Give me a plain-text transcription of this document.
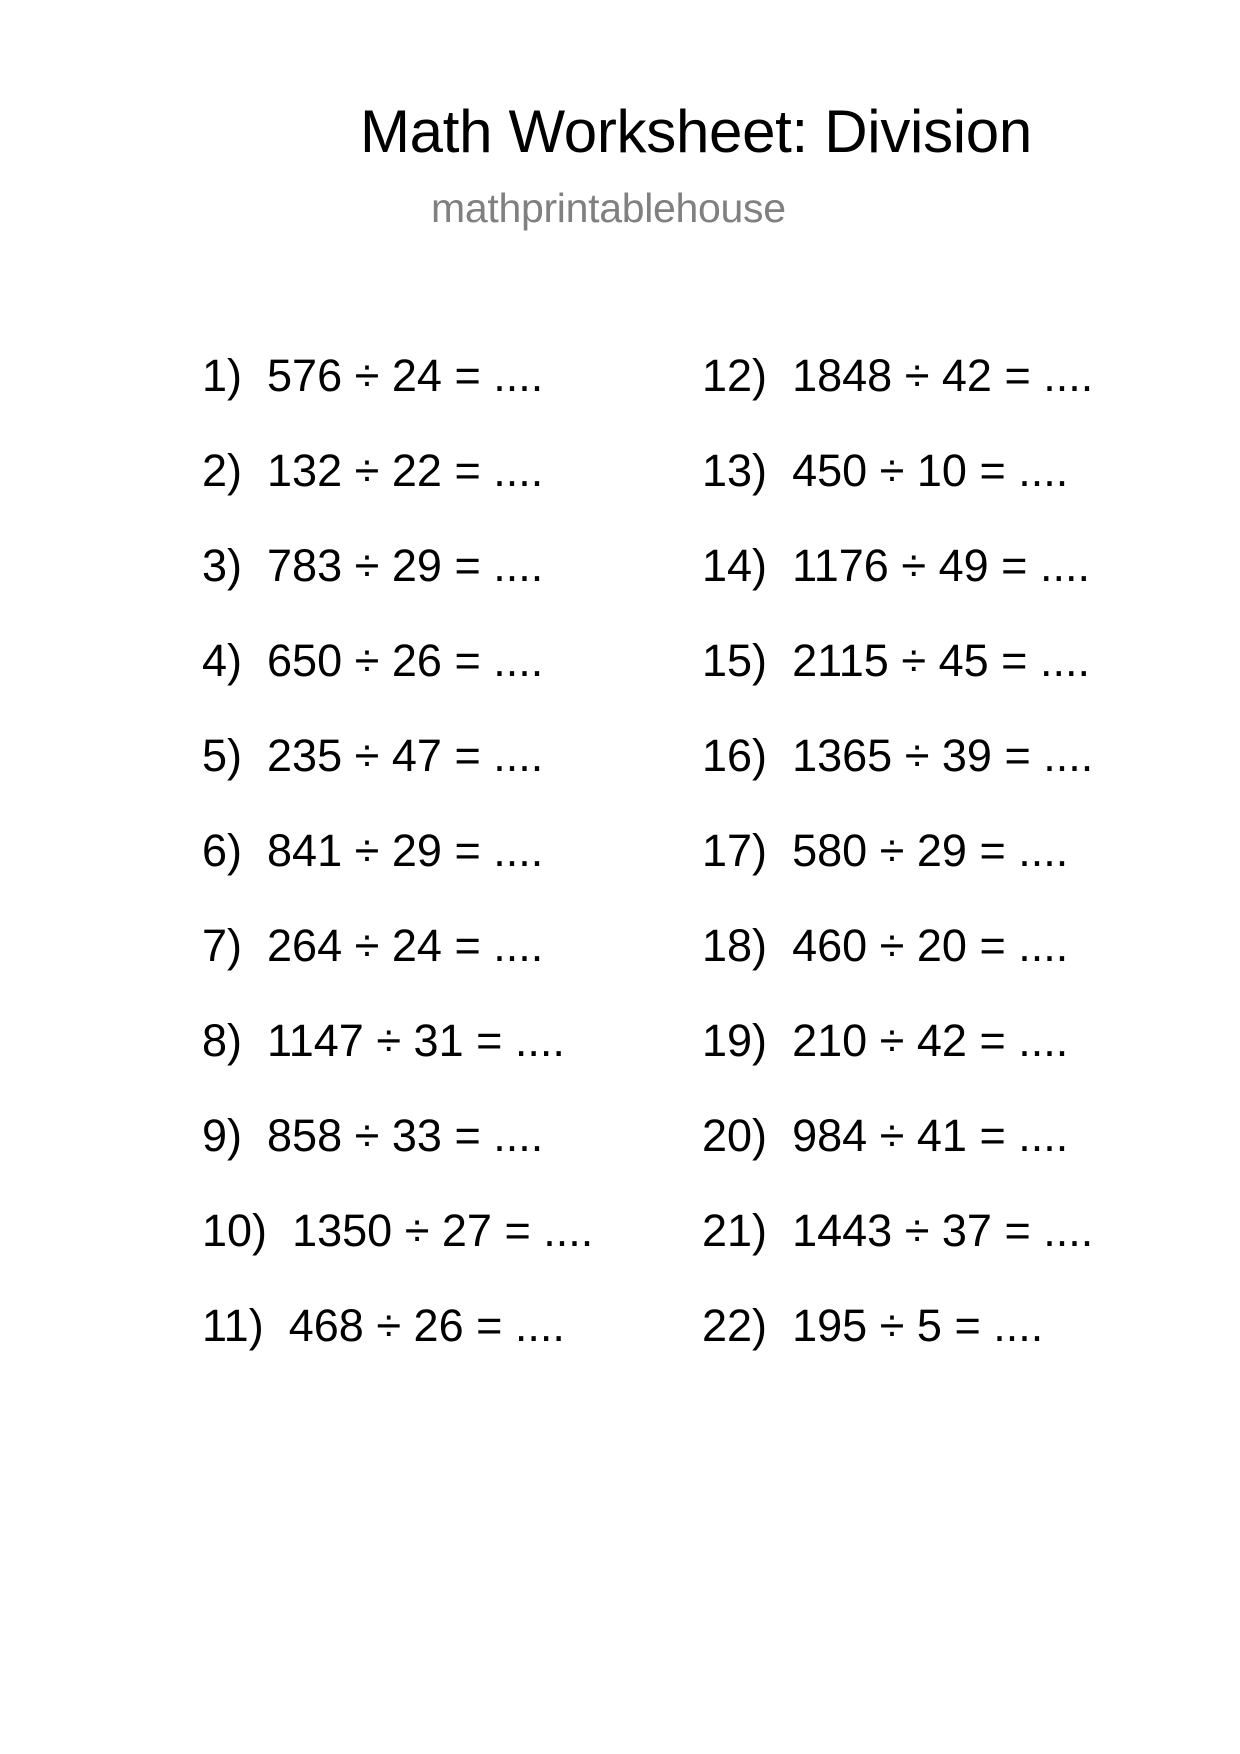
Math Worksheet: Division
mathprintablehouse
1) 576 ÷ 24 = ....
2) 132 ÷ 22 = ....
3) 783 ÷ 29 = ....
4) 650 ÷ 26 = ....
5) 235 ÷ 47 = ....
6) 841 ÷ 29 = ....
7) 264 ÷ 24 = ....
8) 1147 ÷ 31 = ....
9) 858 ÷ 33 = ....
10) 1350 ÷ 27 = ....
11) 468 ÷ 26 = ....
12) 1848 ÷ 42 = ....
13) 450 ÷ 10 = ....
14) 1176 ÷ 49 = ....
15) 2115 ÷ 45 = ....
16) 1365 ÷ 39 = ....
17) 580 ÷ 29 = ....
18) 460 ÷ 20 = ....
19) 210 ÷ 42 = ....
20) 984 ÷ 41 = ....
21) 1443 ÷ 37 = ....
22) 195 ÷ 5 = ....
